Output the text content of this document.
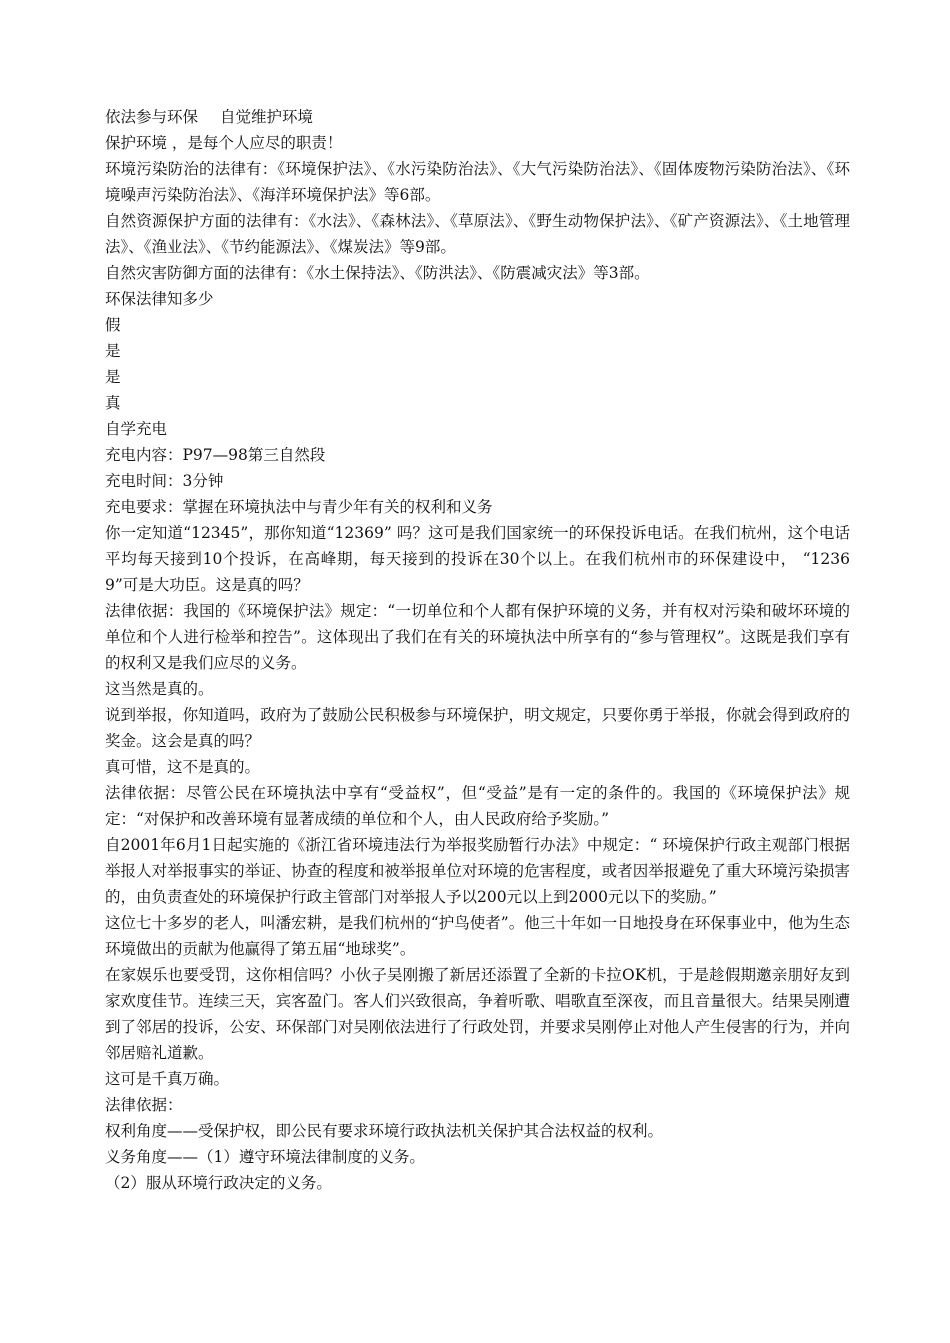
依法参与环保 自觉维护环境

保护环境 ，是每个人应尽的职责！

环境污染防治的法律有：《环境保护法》、《水污染防治法》、《大气污染防治法》、《固体废物污染防治法》、《环境噪声污染防治法》、《海洋环境保护法》等6部。

自然资源保护方面的法律有：《水法》、《森林法》、《草原法》、《野生动物保护法》、《矿产资源法》、《土地管理法》、《渔业法》、《节约能源法》、《煤炭法》等9部。

自然灾害防御方面的法律有：《水土保持法》、《防洪法》、《防震减灾法》等3部。

环保法律知多少

假

是

是

真

自学充电

充电内容：P97—98第三自然段

充电时间：3分钟

充电要求：掌握在环境执法中与青少年有关的权利和义务

你一定知道“12345”，那你知道“12369” 吗？这可是我们国家统一的环保投诉电话。在我们杭州，这个电话平均每天接到10个投诉，在高峰期，每天接到的投诉在30个以上。在我们杭州市的环保建设中， “12369”可是大功臣。这是真的吗？

法律依据：我国的《环境保护法》规定：“一切单位和个人都有保护环境的义务，并有权对污染和破坏环境的单位和个人进行检举和控告”。这体现出了我们在有关的环境执法中所享有的“参与管理权”。这既是我们享有的权利又是我们应尽的义务。

这当然是真的。

说到举报，你知道吗，政府为了鼓励公民积极参与环境保护，明文规定，只要你勇于举报，你就会得到政府的奖金。这会是真的吗？

真可惜，这不是真的。

法律依据：尽管公民在环境执法中享有“受益权”，但“受益”是有一定的条件的。我国的《环境保护法》规定：“对保护和改善环境有显著成绩的单位和个人，由人民政府给予奖励。”

自2001年6月1日起实施的《浙江省环境违法行为举报奖励暂行办法》中规定：“ 环境保护行政主观部门根据举报人对举报事实的举证、协查的程度和被举报单位对环境的危害程度，或者因举报避免了重大环境污染损害的，由负责查处的环境保护行政主管部门对举报人予以200元以上到2000元以下的奖励。”

这位七十多岁的老人，叫潘宏耕，是我们杭州的“护鸟使者”。他三十年如一日地投身在环保事业中，他为生态环境做出的贡献为他赢得了第五届“地球奖”。

在家娱乐也要受罚，这你相信吗？小伙子吴刚搬了新居还添置了全新的卡拉OK机，于是趁假期邀亲朋好友到家欢度佳节。连续三天，宾客盈门。客人们兴致很高，争着听歌、唱歌直至深夜，而且音量很大。结果吴刚遭到了邻居的投诉，公安、环保部门对吴刚依法进行了行政处罚，并要求吴刚停止对他人产生侵害的行为，并向邻居赔礼道歉。

这可是千真万确。

法律依据：

权利角度——受保护权，即公民有要求环境行政执法机关保护其合法权益的权利。

义务角度——（1）遵守环境法律制度的义务。

（2）服从环境行政决定的义务。
